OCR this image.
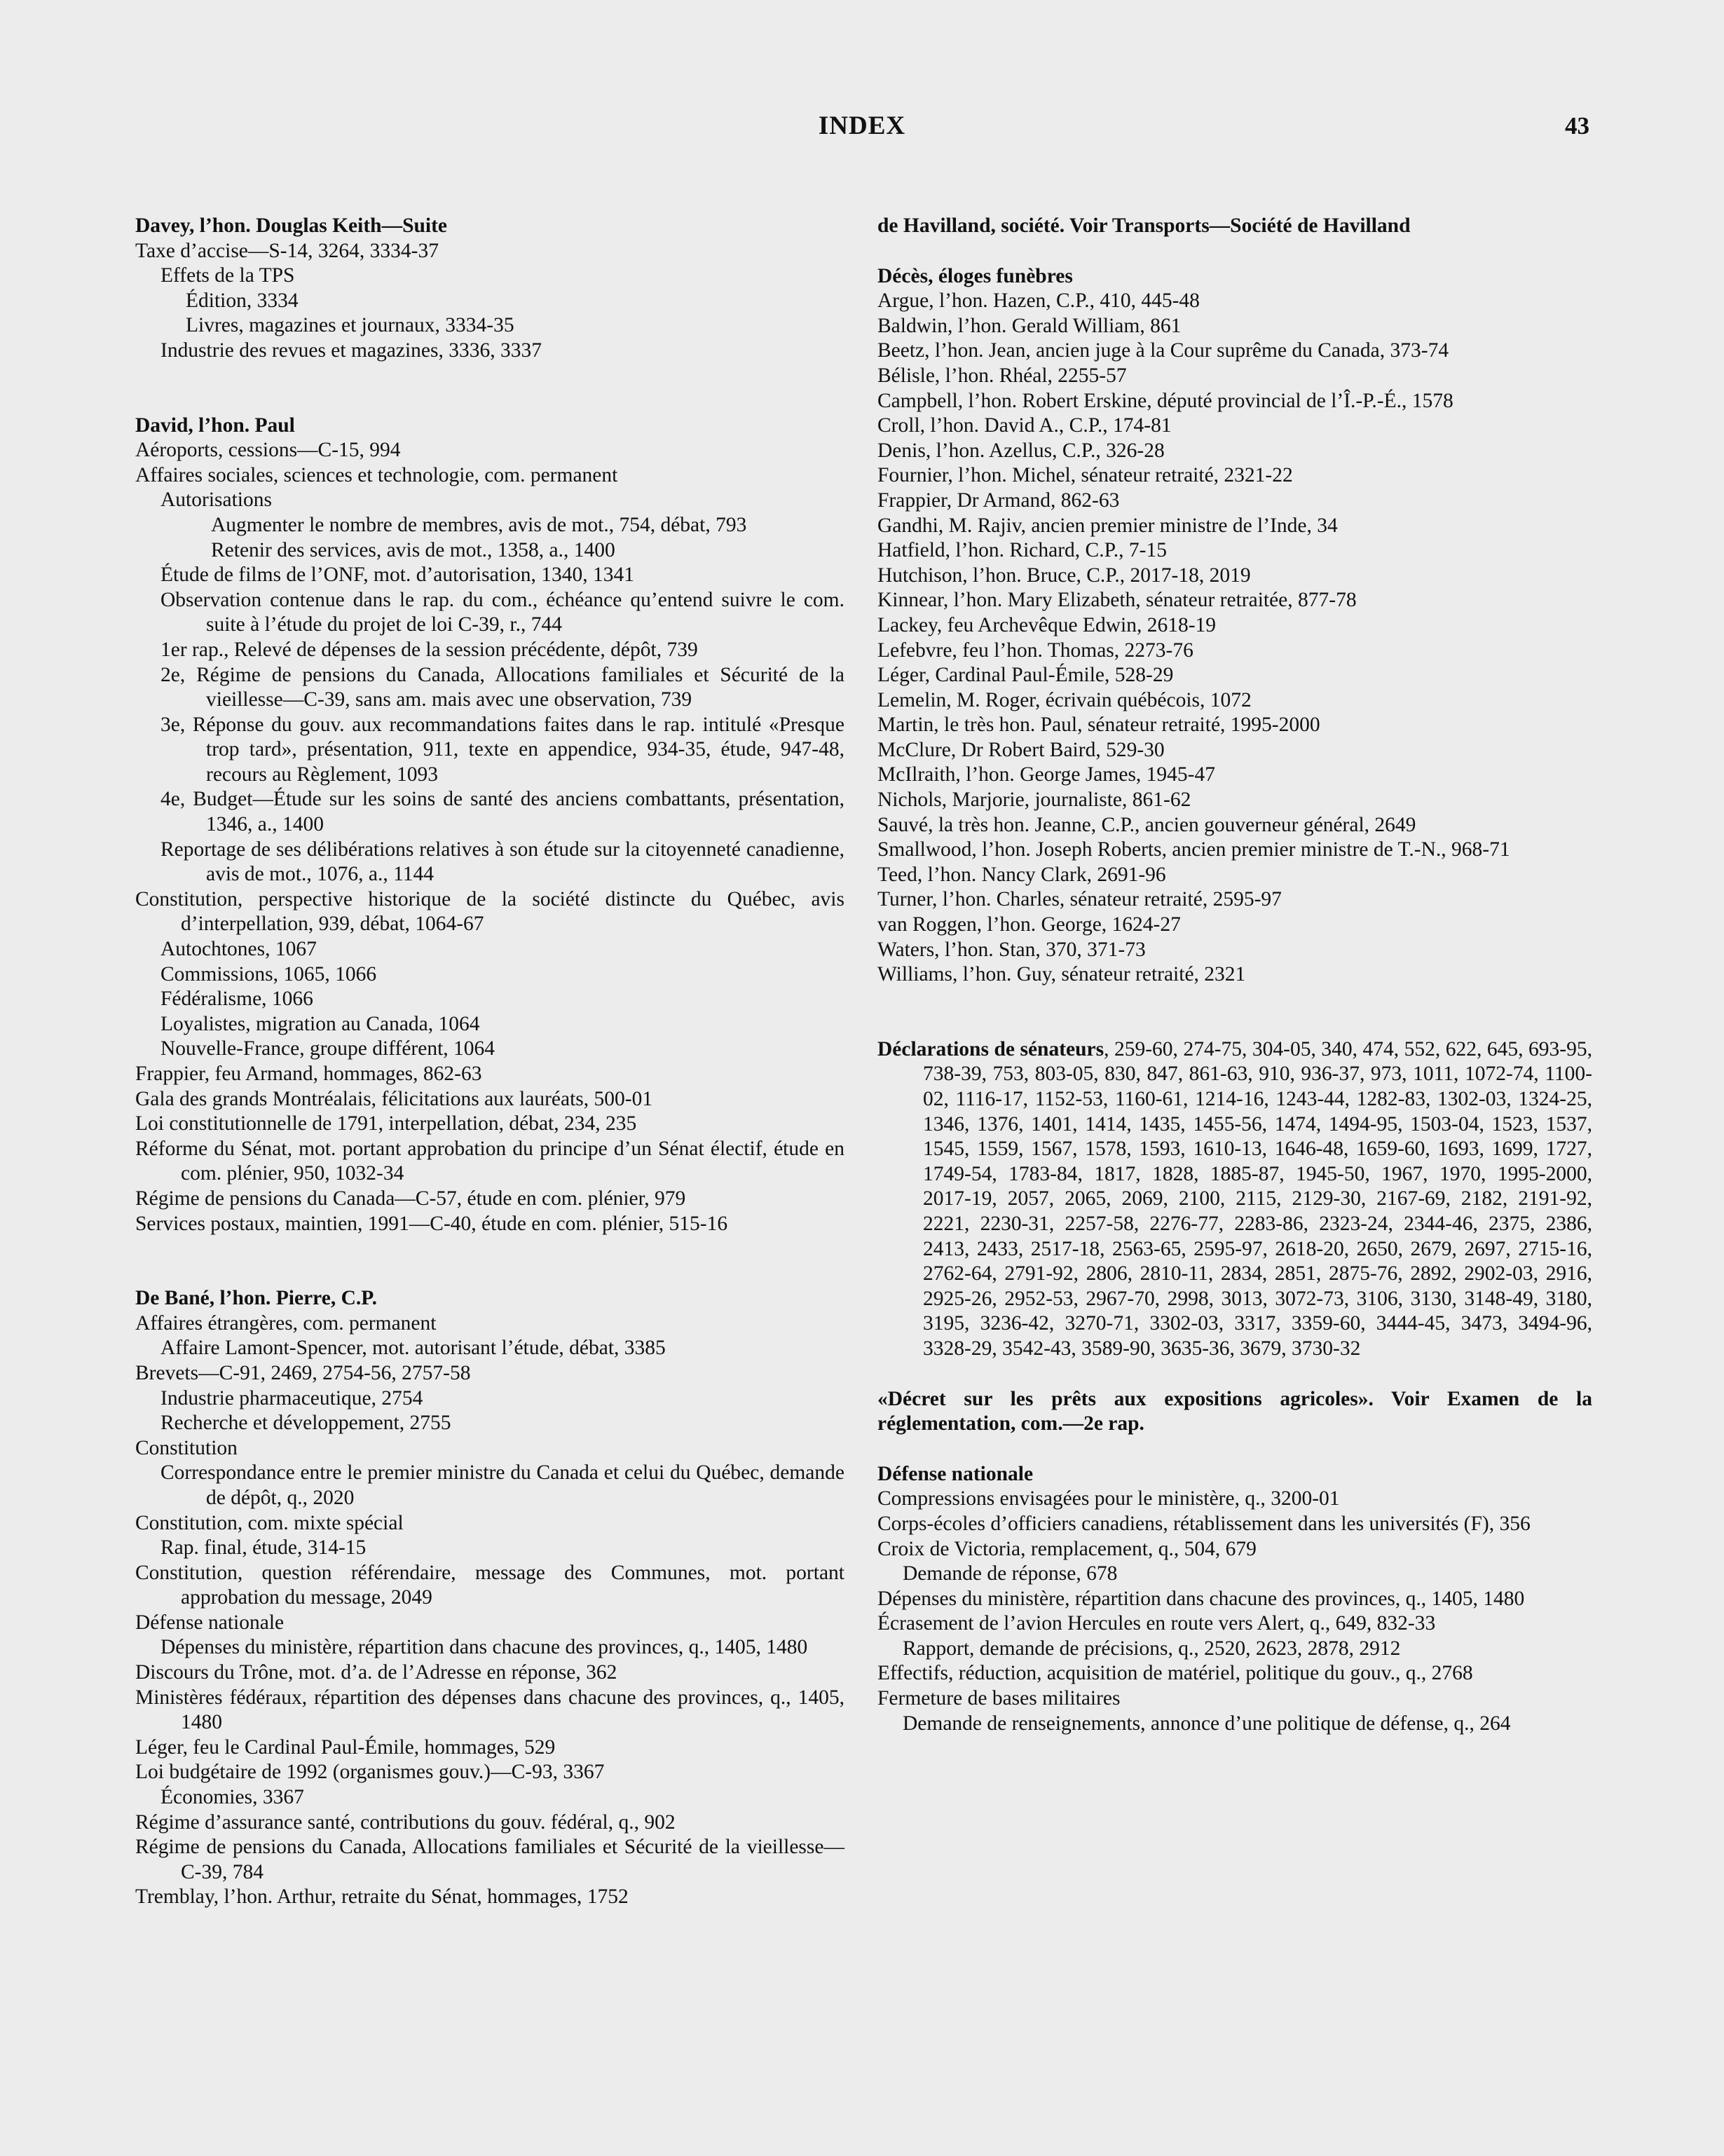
INDEX	43
Davey, l’hon. Douglas Keith—Suite
Taxe d’accise—S-14, 3264, 3334-37
Effets de la TPS
Édition, 3334
Livres, magazines et journaux, 3334-35
Industrie des revues et magazines, 3336, 3337
David, l’hon. Paul
Aéroports, cessions—C-15, 994
Affaires sociales, sciences et technologie, com. permanent
Autorisations
Augmenter le nombre de membres, avis de mot., 754, débat, 793
Retenir des services, avis de mot., 1358, a., 1400
Étude de films de l’ONF, mot. d’autorisation, 1340, 1341
Observation contenue dans le rap. du com., échéance qu’entend suivre le com. suite à l’étude du projet de loi C-39, r., 744
1er rap., Relevé de dépenses de la session précédente, dépôt, 739
2e, Régime de pensions du Canada, Allocations familiales et Sécurité de la vieillesse—C-39, sans am. mais avec une observation, 739
3e, Réponse du gouv. aux recommandations faites dans le rap. intitulé «Presque trop tard», présentation, 911, texte en appendice, 934-35, étude, 947-48, recours au Règlement, 1093
4e, Budget—Étude sur les soins de santé des anciens combattants, présentation, 1346, a., 1400
Reportage de ses délibérations relatives à son étude sur la citoyenneté canadienne, avis de mot., 1076, a., 1144
Constitution, perspective historique de la société distincte du Québec, avis d’interpellation, 939, débat, 1064-67
Autochtones, 1067
Commissions, 1065, 1066
Fédéralisme, 1066
Loyalistes, migration au Canada, 1064
Nouvelle-France, groupe différent, 1064
Frappier, feu Armand, hommages, 862-63
Gala des grands Montréalais, félicitations aux lauréats, 500-01
Loi constitutionnelle de 1791, interpellation, débat, 234, 235
Réforme du Sénat, mot. portant approbation du principe d’un Sénat électif, étude en com. plénier, 950, 1032-34
Régime de pensions du Canada—C-57, étude en com. plénier, 979
Services postaux, maintien, 1991—C-40, étude en com. plénier, 515-16
De Bané, l’hon. Pierre, C.P.
Affaires étrangères, com. permanent
Affaire Lamont-Spencer, mot. autorisant l’étude, débat, 3385
Brevets—C-91, 2469, 2754-56, 2757-58
Industrie pharmaceutique, 2754
Recherche et développement, 2755
Constitution
Correspondance entre le premier ministre du Canada et celui du Québec, demande de dépôt, q., 2020
Constitution, com. mixte spécial
Rap. final, étude, 314-15
Constitution, question référendaire, message des Communes, mot. portant approbation du message, 2049
Défense nationale
Dépenses du ministère, répartition dans chacune des provinces, q., 1405, 1480
Discours du Trône, mot. d’a. de l’Adresse en réponse, 362
Ministères fédéraux, répartition des dépenses dans chacune des provinces, q., 1405, 1480
Léger, feu le Cardinal Paul-Émile, hommages, 529
Loi budgétaire de 1992 (organismes gouv.)—C-93, 3367
Économies, 3367
Régime d’assurance santé, contributions du gouv. fédéral, q., 902
Régime de pensions du Canada, Allocations familiales et Sécurité de la vieillesse—C-39, 784
Tremblay, l’hon. Arthur, retraite du Sénat, hommages, 1752
de Havilland, société. Voir Transports—Société de Havilland
Décès, éloges funèbres
Argue, l’hon. Hazen, C.P., 410, 445-48
Baldwin, l’hon. Gerald William, 861
Beetz, l’hon. Jean, ancien juge à la Cour suprême du Canada, 373-74
Bélisle, l’hon. Rhéal, 2255-57
Campbell, l’hon. Robert Erskine, député provincial de l’Î.-P.-É., 1578
Croll, l’hon. David A., C.P., 174-81
Denis, l’hon. Azellus, C.P., 326-28
Fournier, l’hon. Michel, sénateur retraité, 2321-22
Frappier, Dr Armand, 862-63
Gandhi, M. Rajiv, ancien premier ministre de l’Inde, 34
Hatfield, l’hon. Richard, C.P., 7-15
Hutchison, l’hon. Bruce, C.P., 2017-18, 2019
Kinnear, l’hon. Mary Elizabeth, sénateur retraitée, 877-78
Lackey, feu Archevêque Edwin, 2618-19
Lefebvre, feu l’hon. Thomas, 2273-76
Léger, Cardinal Paul-Émile, 528-29
Lemelin, M. Roger, écrivain québécois, 1072
Martin, le très hon. Paul, sénateur retraité, 1995-2000
McClure, Dr Robert Baird, 529-30
McIlraith, l’hon. George James, 1945-47
Nichols, Marjorie, journaliste, 861-62
Sauvé, la très hon. Jeanne, C.P., ancien gouverneur général, 2649
Smallwood, l’hon. Joseph Roberts, ancien premier ministre de T.-N., 968-71
Teed, l’hon. Nancy Clark, 2691-96
Turner, l’hon. Charles, sénateur retraité, 2595-97
van Roggen, l’hon. George, 1624-27
Waters, l’hon. Stan, 370, 371-73
Williams, l’hon. Guy, sénateur retraité, 2321
Déclarations de sénateurs, 259-60, 274-75, 304-05, 340, 474, 552, 622, 645, 693-95, 738-39, 753, 803-05, 830, 847, 861-63, 910, 936-37, 973, 1011, 1072-74, 1100-02, 1116-17, 1152-53, 1160-61, 1214-16, 1243-44, 1282-83, 1302-03, 1324-25, 1346, 1376, 1401, 1414, 1435, 1455-56, 1474, 1494-95, 1503-04, 1523, 1537, 1545, 1559, 1567, 1578, 1593, 1610-13, 1646-48, 1659-60, 1693, 1699, 1727, 1749-54, 1783-84, 1817, 1828, 1885-87, 1945-50, 1967, 1970, 1995-2000, 2017-19, 2057, 2065, 2069, 2100, 2115, 2129-30, 2167-69, 2182, 2191-92, 2221, 2230-31, 2257-58, 2276-77, 2283-86, 2323-24, 2344-46, 2375, 2386, 2413, 2433, 2517-18, 2563-65, 2595-97, 2618-20, 2650, 2679, 2697, 2715-16, 2762-64, 2791-92, 2806, 2810-11, 2834, 2851, 2875-76, 2892, 2902-03, 2916, 2925-26, 2952-53, 2967-70, 2998, 3013, 3072-73, 3106, 3130, 3148-49, 3180, 3195, 3236-42, 3270-71, 3302-03, 3317, 3359-60, 3444-45, 3473, 3494-96, 3328-29, 3542-43, 3589-90, 3635-36, 3679, 3730-32
«Décret sur les prêts aux expositions agricoles». Voir Examen de la réglementation, com.—2e rap.
Défense nationale
Compressions envisagées pour le ministère, q., 3200-01
Corps-écoles d’officiers canadiens, rétablissement dans les universités (F), 356
Croix de Victoria, remplacement, q., 504, 679
Demande de réponse, 678
Dépenses du ministère, répartition dans chacune des provinces, q., 1405, 1480
Écrasement de l’avion Hercules en route vers Alert, q., 649, 832-33
Rapport, demande de précisions, q., 2520, 2623, 2878, 2912
Effectifs, réduction, acquisition de matériel, politique du gouv., q., 2768
Fermeture de bases militaires
Demande de renseignements, annonce d’une politique de défense, q., 264
